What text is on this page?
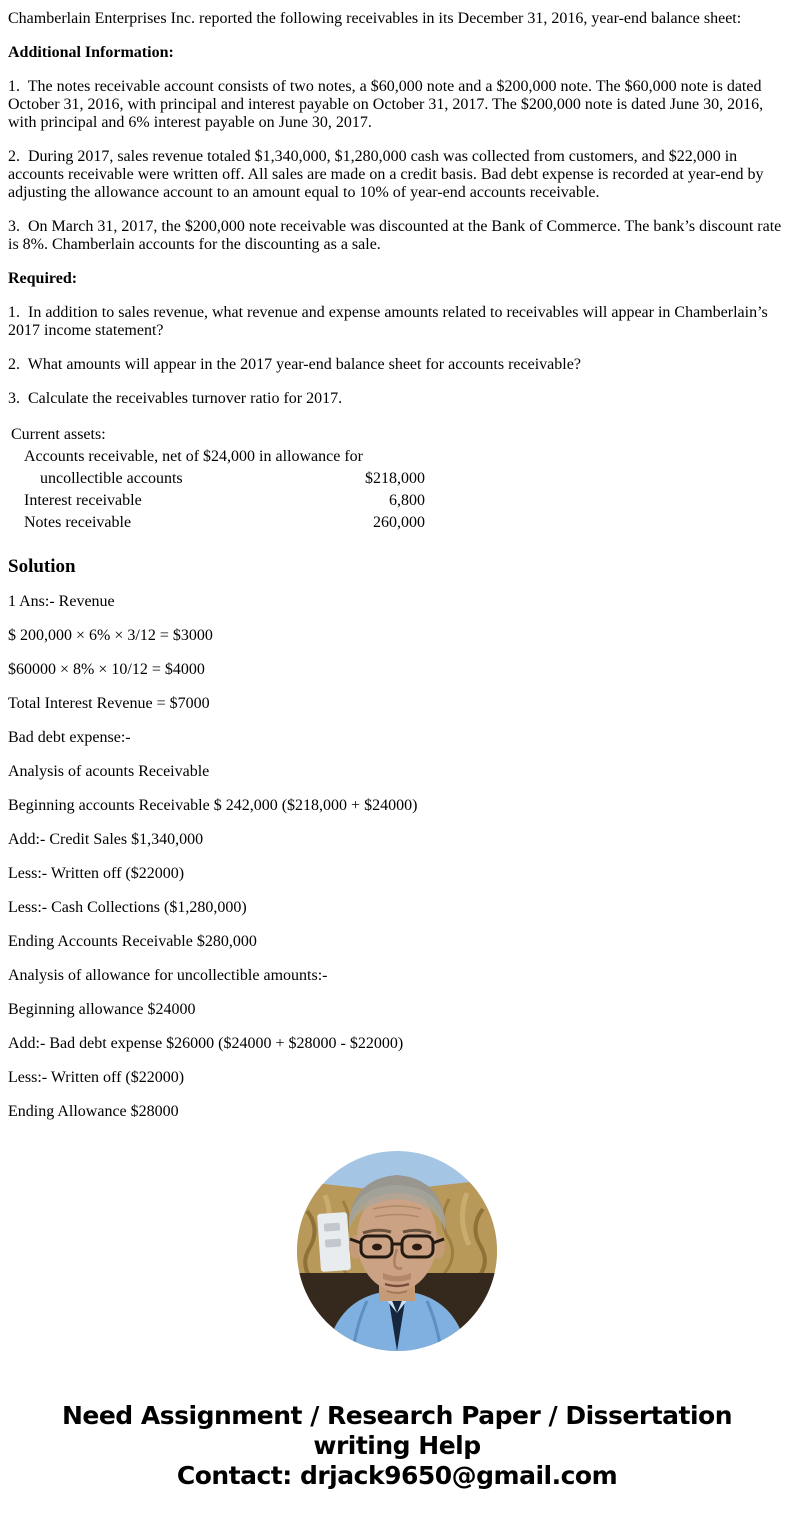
Chamberlain Enterprises Inc. reported the following receivables in its December 31, 2016, year-end balance sheet:

Additional Information:

1.  The notes receivable account consists of two notes, a $60,000 note and a $200,000 note. The $60,000 note is dated October 31, 2016, with principal and interest payable on October 31, 2017. The $200,000 note is dated June 30, 2016, with principal and 6% interest payable on June 30, 2017.

2.  During 2017, sales revenue totaled $1,340,000, $1,280,000 cash was collected from customers, and $22,000 in accounts receivable were written off. All sales are made on a credit basis. Bad debt expense is recorded at year-end by adjusting the allowance account to an amount equal to 10% of year-end accounts receivable.

3.  On March 31, 2017, the $200,000 note receivable was discounted at the Bank of Commerce. The bank’s discount rate is 8%. Chamberlain accounts for the discounting as a sale.

Required:

1.  In addition to sales revenue, what revenue and expense amounts related to receivables will appear in Chamberlain’s 2017 income statement?

2.  What amounts will appear in the 2017 year-end balance sheet for accounts receivable?

3.  Calculate the receivables turnover ratio for 2017.

Current assets:
Accounts receivable, net of $24,000 in allowance for
uncollectible accounts	$218,000
Interest receivable	6,800
Notes receivable	260,000
Solution

1 Ans:- Revenue

$ 200,000 × 6% × 3/12 = $3000

$60000 × 8% × 10/12 = $4000

Total Interest Revenue = $7000

Bad debt expense:-

Analysis of acounts Receivable

Beginning accounts Receivable $ 242,000 ($218,000 + $24000)

Add:- Credit Sales $1,340,000

Less:- Written off ($22000)

Less:- Cash Collections ($1,280,000)

Ending Accounts Receivable $280,000

Analysis of allowance for uncollectible amounts:-

Beginning allowance $24000

Add:- Bad debt expense $26000 ($24000 + $28000 - $22000)

Less:- Written off ($22000)

Ending Allowance $28000

Need Assignment / Research Paper / Dissertation
writing Help
Contact: drjack9650@gmail.com
